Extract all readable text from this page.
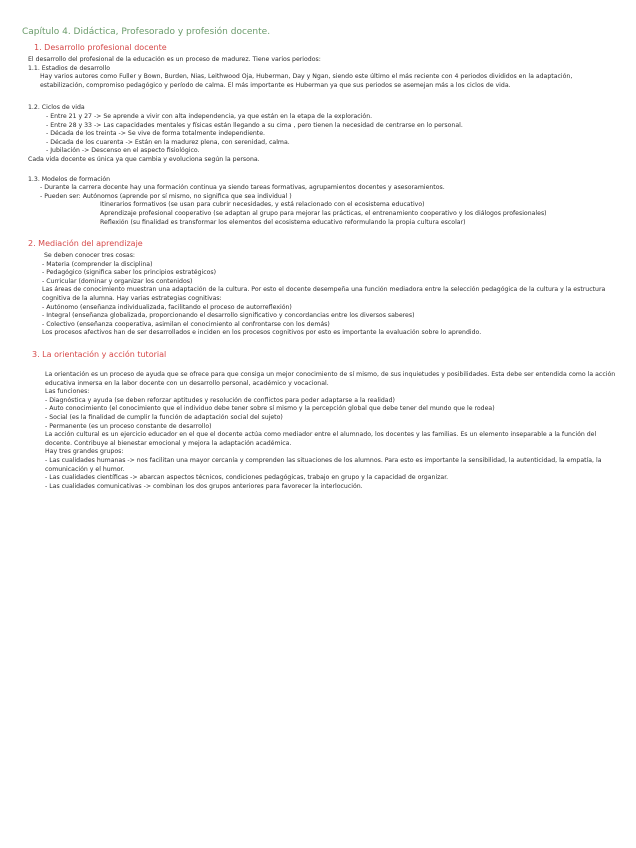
Capítulo 4. Didáctica, Profesorado y profesión docente.
1. Desarrollo profesional docente
El desarrollo del profesional de la educación es un proceso de madurez. Tiene varios periodos:
1.1. Estadios de desarrollo
Hay varios autores como Fuller y Bown, Burden, Nias, Leithwood Oja, Huberman, Day y Ngan, siendo este último el más reciente con 4 periodos divididos en la adaptación, estabilización, compromiso pedagógico y período de calma. El más importante es Huberman ya que sus periodos se asemejan más a los ciclos de vida.
1.2. Ciclos de vida
- Entre 21 y 27 -> Se aprende a vivir con alta independencia, ya que están en la etapa de la exploración.
- Entre 28 y 33 -> Las capacidades mentales y físicas están llegando a su cima , pero tienen la necesidad de centrarse en lo personal.
- Década de los treinta -> Se vive de forma totalmente independiente.
- Década de los cuarenta -> Están en la madurez plena, con serenidad, calma.
- Jubilación -> Descenso en el aspecto fisiológico.
Cada vida docente es única ya que cambia y evoluciona según la persona.
1.3. Modelos de formación
- Durante la carrera docente hay una formación continua ya siendo tareas formativas, agrupamientos docentes y asesoramientos.
- Pueden ser: Autónomos (aprende por sí mismo, no significa que sea individual )
Itinerarios formativos (se usan para cubrir necesidades, y está relacionado con el ecosistema educativo)
Aprendizaje profesional cooperativo (se adaptan al grupo para mejorar las prácticas, el entrenamiento cooperativo y los diálogos profesionales)
Reflexión (su finalidad es transformar los elementos del ecosistema educativo reformulando la propia cultura escolar)
2. Mediación del aprendizaje
Se deben conocer tres cosas:
- Materia (comprender la disciplina)
- Pedagógico (significa saber los principios estratégicos)
- Curricular (dominar y organizar los contenidos)
Las áreas de conocimiento muestran una adaptación de la cultura. Por esto el docente desempeña una función mediadora entre la selección pedagógica de la cultura y la estructura cognitiva de la alumna. Hay varias estrategias cognitivas:
- Autónomo (enseñanza individualizada, facilitando el proceso de autorreflexión)
- Integral (enseñanza globalizada, proporcionando el desarrollo significativo y concordancias entre los diversos saberes)
- Colectivo (enseñanza cooperativa, asimilan el conocimiento al confrontarse con los demás)
Los procesos afectivos han de ser desarrollados e inciden en los procesos cognitivos por esto es importante la evaluación sobre lo aprendido.
3. La orientación y acción tutorial
La orientación es un proceso de ayuda que se ofrece para que consiga un mejor conocimiento de sí mismo, de sus inquietudes y posibilidades. Esta debe ser entendida como la acción educativa inmersa en la labor docente con un desarrollo personal, académico y vocacional.
Las funciones:
- Diagnóstica y ayuda (se deben reforzar aptitudes y resolución de conflictos para poder adaptarse a la realidad)
- Auto conocimiento (el conocimiento que el individuo debe tener sobre sí mismo y la percepción global que debe tener del mundo que le rodea)
- Social (es la finalidad de cumplir la función de adaptación social del sujeto)
- Permanente (es un proceso constante de desarrollo)
La acción cultural es un ejercicio educador en el que el docente actúa como mediador entre el alumnado, los docentes y las familias. Es un elemento inseparable a la función del docente. Contribuye al bienestar emocional y mejora la adaptación académica.
Hay tres grandes grupos:
- Las cualidades humanas -> nos facilitan una mayor cercanía y comprenden las situaciones de los alumnos. Para esto es importante la sensibilidad, la autenticidad, la empatía, la comunicación y el humor.
- Las cualidades científicas -> abarcan aspectos técnicos, condiciones pedagógicas, trabajo en grupo y la capacidad de organizar.
- Las cualidades comunicativas -> combinan los dos grupos anteriores para favorecer la interlocución.
